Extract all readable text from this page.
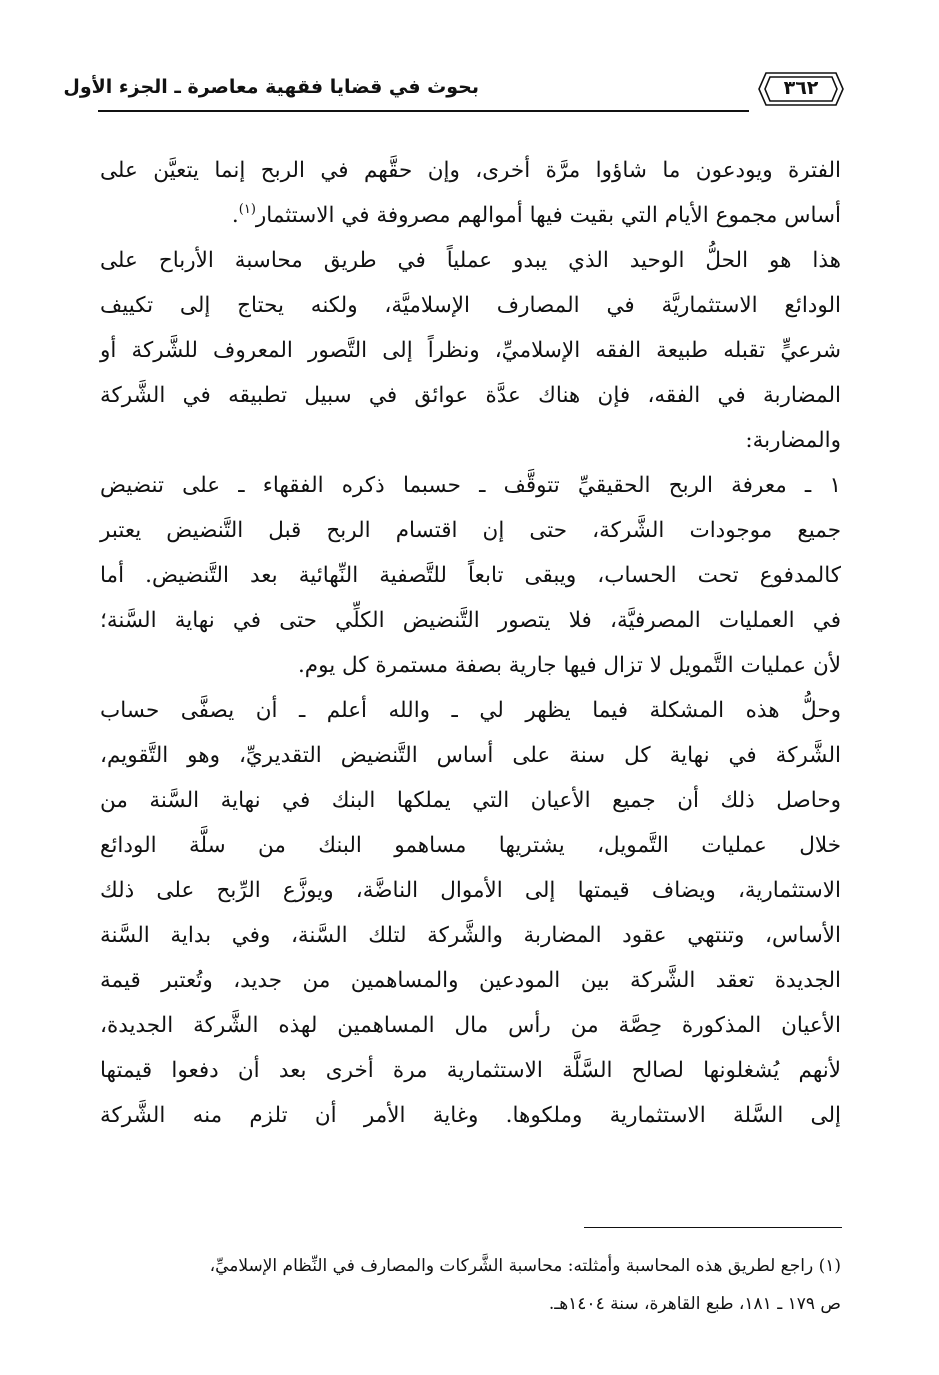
بحوث في قضايا فقهية معاصرة ـ الجزء الأول	٣٦٢
الفترة ويودعون ما شاؤوا مرَّة أخرى، وإن حقَّهم في الربح إنما يتعيَّن على
أساس مجموع الأيام التي بقيت فيها أموالهم مصروفة في الاستثمار$^{(١)}$.
هذا هو الحلُّ الوحيد الذي يبدو عملياً في طريق محاسبة الأرباح على
الودائع الاستثماريَّة في المصارف الإسلاميَّة، ولكنه يحتاج إلى تكييف
شرعيٍّ تقبله طبيعة الفقه الإسلاميِّ، ونظراً إلى التَّصور المعروف للشَّركة أو
المضاربة في الفقه، فإن هناك عدَّة عوائق في سبيل تطبيقه في الشَّركة
والمضاربة:
١ ـ معرفة الربح الحقيقيِّ تتوقَّف ـ حسبما ذكره الفقهاء ـ على تنضيض
جميع موجودات الشَّركة، حتى إن اقتسام الربح قبل التَّنضيض يعتبر
كالمدفوع تحت الحساب، ويبقى تابعاً للتَّصفية النِّهائية بعد التَّنضيض. أما
في العمليات المصرفيَّة، فلا يتصور التَّنضيض الكلِّي حتى في نهاية السَّنة؛
لأن عمليات التَّمويل لا تزال فيها جارية بصفة مستمرة كل يوم.
وحلُّ هذه المشكلة فيما يظهر لي ـ والله أعلم ـ أن يصفَّى حساب
الشَّركة في نهاية كل سنة على أساس التَّنضيض التقديريِّ، وهو التَّقويم،
وحاصل ذلك أن جميع الأعيان التي يملكها البنك في نهاية السَّنة من
خلال عمليات التَّمويل، يشتريها مساهمو البنك من سلَّة الودائع
الاستثمارية، ويضاف قيمتها إلى الأموال الناضَّة، ويوزَّع الرِّبح على ذلك
الأساس، وتنتهي عقود المضاربة والشَّركة لتلك السَّنة، وفي بداية السَّنة
الجديدة تعقد الشَّركة بين المودعين والمساهمين من جديد، وتُعتبر قيمة
الأعيان المذكورة حِصَّة من رأس مال المساهمين لهذه الشَّركة الجديدة،
لأنهم يُشغلونها لصالح السَّلَّة الاستثمارية مرة أخرى بعد أن دفعوا قيمتها
إلى السَّلة الاستثمارية وملكوها. وغاية الأمر أن تلزم منه الشَّركة
(١) راجع لطريق هذه المحاسبة وأمثلته: محاسبة الشَّركات والمصارف في النِّظام الإسلاميِّ،
ص ١٧٩ ـ ١٨١، طبع القاهرة، سنة ١٤٠٤هـ.
